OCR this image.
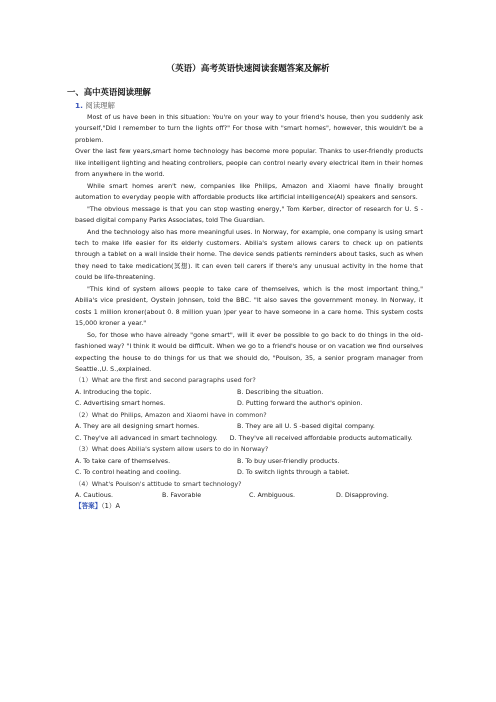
（英语）高考英语快速阅读套题答案及解析
一、高中英语阅读理解
1. 阅读理解

Most of us have been in this situation: You're on your way to your friend's house, then you suddenly ask yourself,"Did I remember to turn the lights off?" For those with "smart homes", however, this wouldn't be a problem.

Over the last few years,smart home technology has become more popular. Thanks to user-friendly products like intelligent lighting and heating controllers, people can control nearly every electrical item in their homes from anywhere in the world.

While smart homes aren't new, companies like Philips, Amazon and Xiaomi have finally brought automation to everyday people with affordable products like artificial intelligence(AI) speakers and sensors.

"The obvious message is that you can stop wasting energy," Tom Kerber, director of research for U. S -based digital company Parks Associates, told The Guardian.

And the technology also has more meaningful uses. In Norway, for example, one company is using smart tech to make life easier for its elderly customers. Abilia's system allows carers to check up on patients through a tablet on a wall inside their home. The device sends patients reminders about tasks, such as when they need to take medication(冥想). It can even tell carers if there's any unusual activity in the home that could be life-threatening.

"This kind of system allows people to take care of themselves, which is the most important thing," Abilia's vice president, Oystein Johnsen, told the BBC. "It also saves the government money. In Norway, it costs 1 million kroner(about 0. 8 million yuan )per year to have someone in a care home. This system costs 15,000 kroner a year."

So, for those who have already "gone smart", will it ever be possible to go back to do things in the old-fashioned way? "I think it would be difficult. When we go to a friend's house or on vacation we find ourselves expecting the house to do things for us that we should do, "Poulson, 35, a senior program manager from Seattle.,U. S.,explained.

（1）What are the first and second paragraphs used for?

A. Introducing the topic.	B. Describing the situation.
C. Advertising smart homes.	D. Putting forward the author's opinion.

（2）What do Philips, Amazon and Xiaomi have in common?

A. They are all designing smart homes.	B. They are all U. S -based digital company.

C. They've all advanced in smart technology. D. They've all received affordable products automatically.

（3）What does Abilia's system allow users to do in Norway?

A. To take care of themselves.	B. To buy user-friendly products.
C. To control heating and cooling.	D. To switch lights through a tablet.

（4）What's Poulson's attitude to smart technology?

A. Cautious.	B. Favorable	C. Ambiguous.	D. Disapproving.

【答案】（1）A
